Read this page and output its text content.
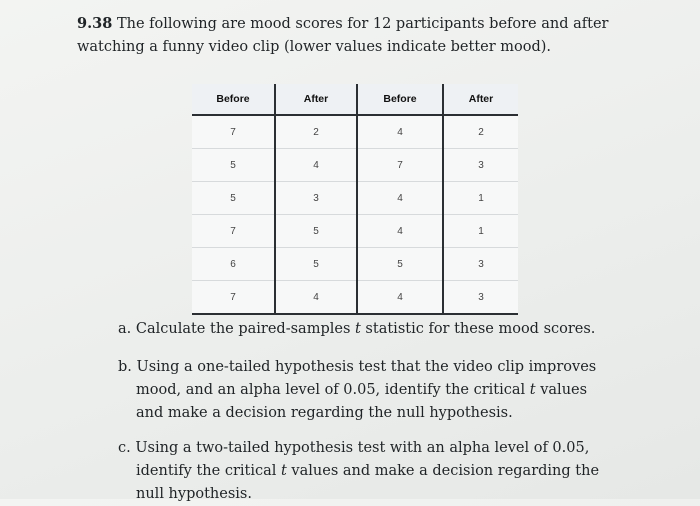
9.38 The following are mood scores for 12 participants before and after watching a funny video clip (lower values indicate better mood).
Before	After	Before	After
7	2	4	2
5	4	7	3
5	3	4	1
7	5	4	1
6	5	5	3
7	4	4	3
a. Calculate the paired-samples t statistic for these mood scores.
b. Using a one-tailed hypothesis test that the video clip improves mood, and an alpha level of 0.05, identify the critical t values and make a decision regarding the null hypothesis.
c. Using a two-tailed hypothesis test with an alpha level of 0.05, identify the critical t values and make a decision regarding the null hypothesis.
